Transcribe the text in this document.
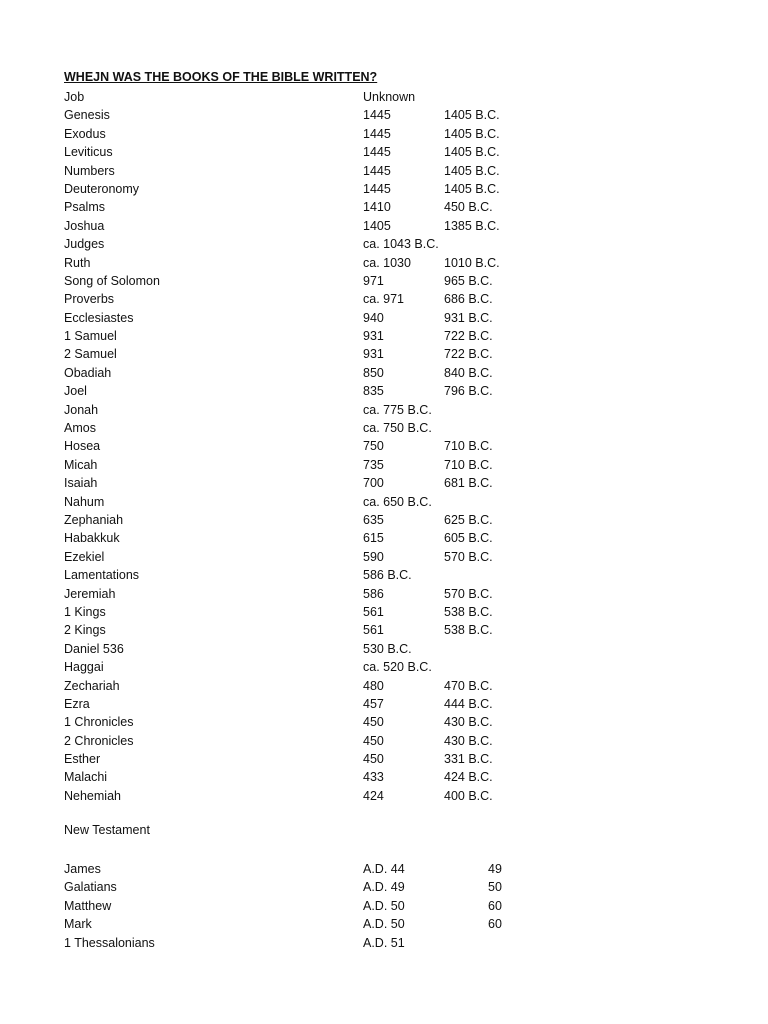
WHEJN WAS THE BOOKS OF THE BIBLE WRITTEN?
Job	Unknown
Genesis	1445	1405 B.C.
Exodus	1445	1405 B.C.
Leviticus	1445	1405 B.C.
Numbers	1445	1405 B.C.
Deuteronomy	1445	1405 B.C.
Psalms	1410	450 B.C.
Joshua	1405	1385 B.C.
Judges	ca. 1043 B.C.
Ruth	ca. 1030	1010 B.C.
Song of Solomon	971	965 B.C.
Proverbs	ca. 971	686 B.C.
Ecclesiastes	940	931 B.C.
1 Samuel	931	722 B.C.
2 Samuel	931	722 B.C.
Obadiah	850	840 B.C.
Joel	835	796 B.C.
Jonah	ca. 775 B.C.
Amos	ca. 750 B.C.
Hosea	750	710 B.C.
Micah	735	710 B.C.
Isaiah	700	681 B.C.
Nahum	ca. 650 B.C.
Zephaniah	635	625 B.C.
Habakkuk	615	605 B.C.
Ezekiel	590	570 B.C.
Lamentations	586 B.C.
Jeremiah	586	570 B.C.
1 Kings	561	538 B.C.
2 Kings	561	538 B.C.
Daniel 536	530 B.C.
Haggai	ca. 520 B.C.
Zechariah	480	470 B.C.
Ezra	457	444 B.C.
1 Chronicles	450	430 B.C.
2 Chronicles	450	430 B.C.
Esther	450	331 B.C.
Malachi	433	424 B.C.
Nehemiah	424	400 B.C.
New Testament
James	A.D. 44	49
Galatians	A.D. 49	50
Matthew	A.D. 50	60
Mark	A.D. 50	60
1 Thessalonians	A.D. 51
